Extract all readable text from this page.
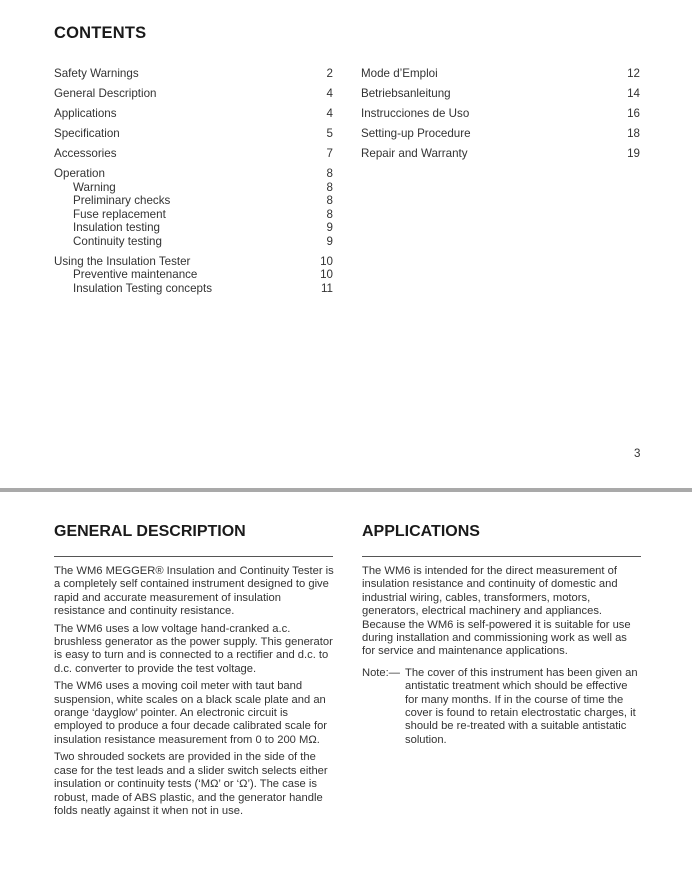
CONTENTS
Safety Warnings	2
General Description	4
Applications	4
Specification	5
Accessories	7
Operation	8
Warning	8
Preliminary checks	8
Fuse replacement	8
Insulation testing	9
Continuity testing	9
Using the Insulation Tester	10
Preventive maintenance	10
Insulation Testing concepts	11
Mode d’Emploi	12
Betriebsanleitung	14
Instrucciones de Uso	16
Setting-up Procedure	18
Repair and Warranty	19
3
GENERAL DESCRIPTION	APPLICATIONS

The WM6 MEGGER® Insulation and Continuity Tester is a completely self contained instrument designed to give rapid and accurate measurement of insulation resistance and continuity resistance.

The WM6 uses a low voltage hand-cranked a.c. brushless generator as the power supply. This generator is easy to turn and is connected to a rectifier and d.c. to d.c. converter to provide the test voltage.

The WM6 uses a moving coil meter with taut band suspension, white scales on a black scale plate and an orange ‘dayglow’ pointer. An electronic circuit is employed to produce a four decade calibrated scale for insulation resistance measurement from 0 to 200 MΩ.

Two shrouded sockets are provided in the side of the case for the test leads and a slider switch selects either insulation or continuity tests (‘MΩ’ or ‘Ω’). The case is robust, made of ABS plastic, and the generator handle folds neatly against it when not in use.

The WM6 is intended for the direct measurement of insulation resistance and continuity of domestic and industrial wiring, cables, transformers, motors, generators, electrical machinery and appliances. Because the WM6 is self-powered it is suitable for use during installation and commissioning work as well as for service and maintenance applications.

Note:— The cover of this instrument has been given an antistatic treatment which should be effective for many months. If in the course of time the cover is found to retain electrostatic charges, it should be re-treated with a suitable antistatic solution.
